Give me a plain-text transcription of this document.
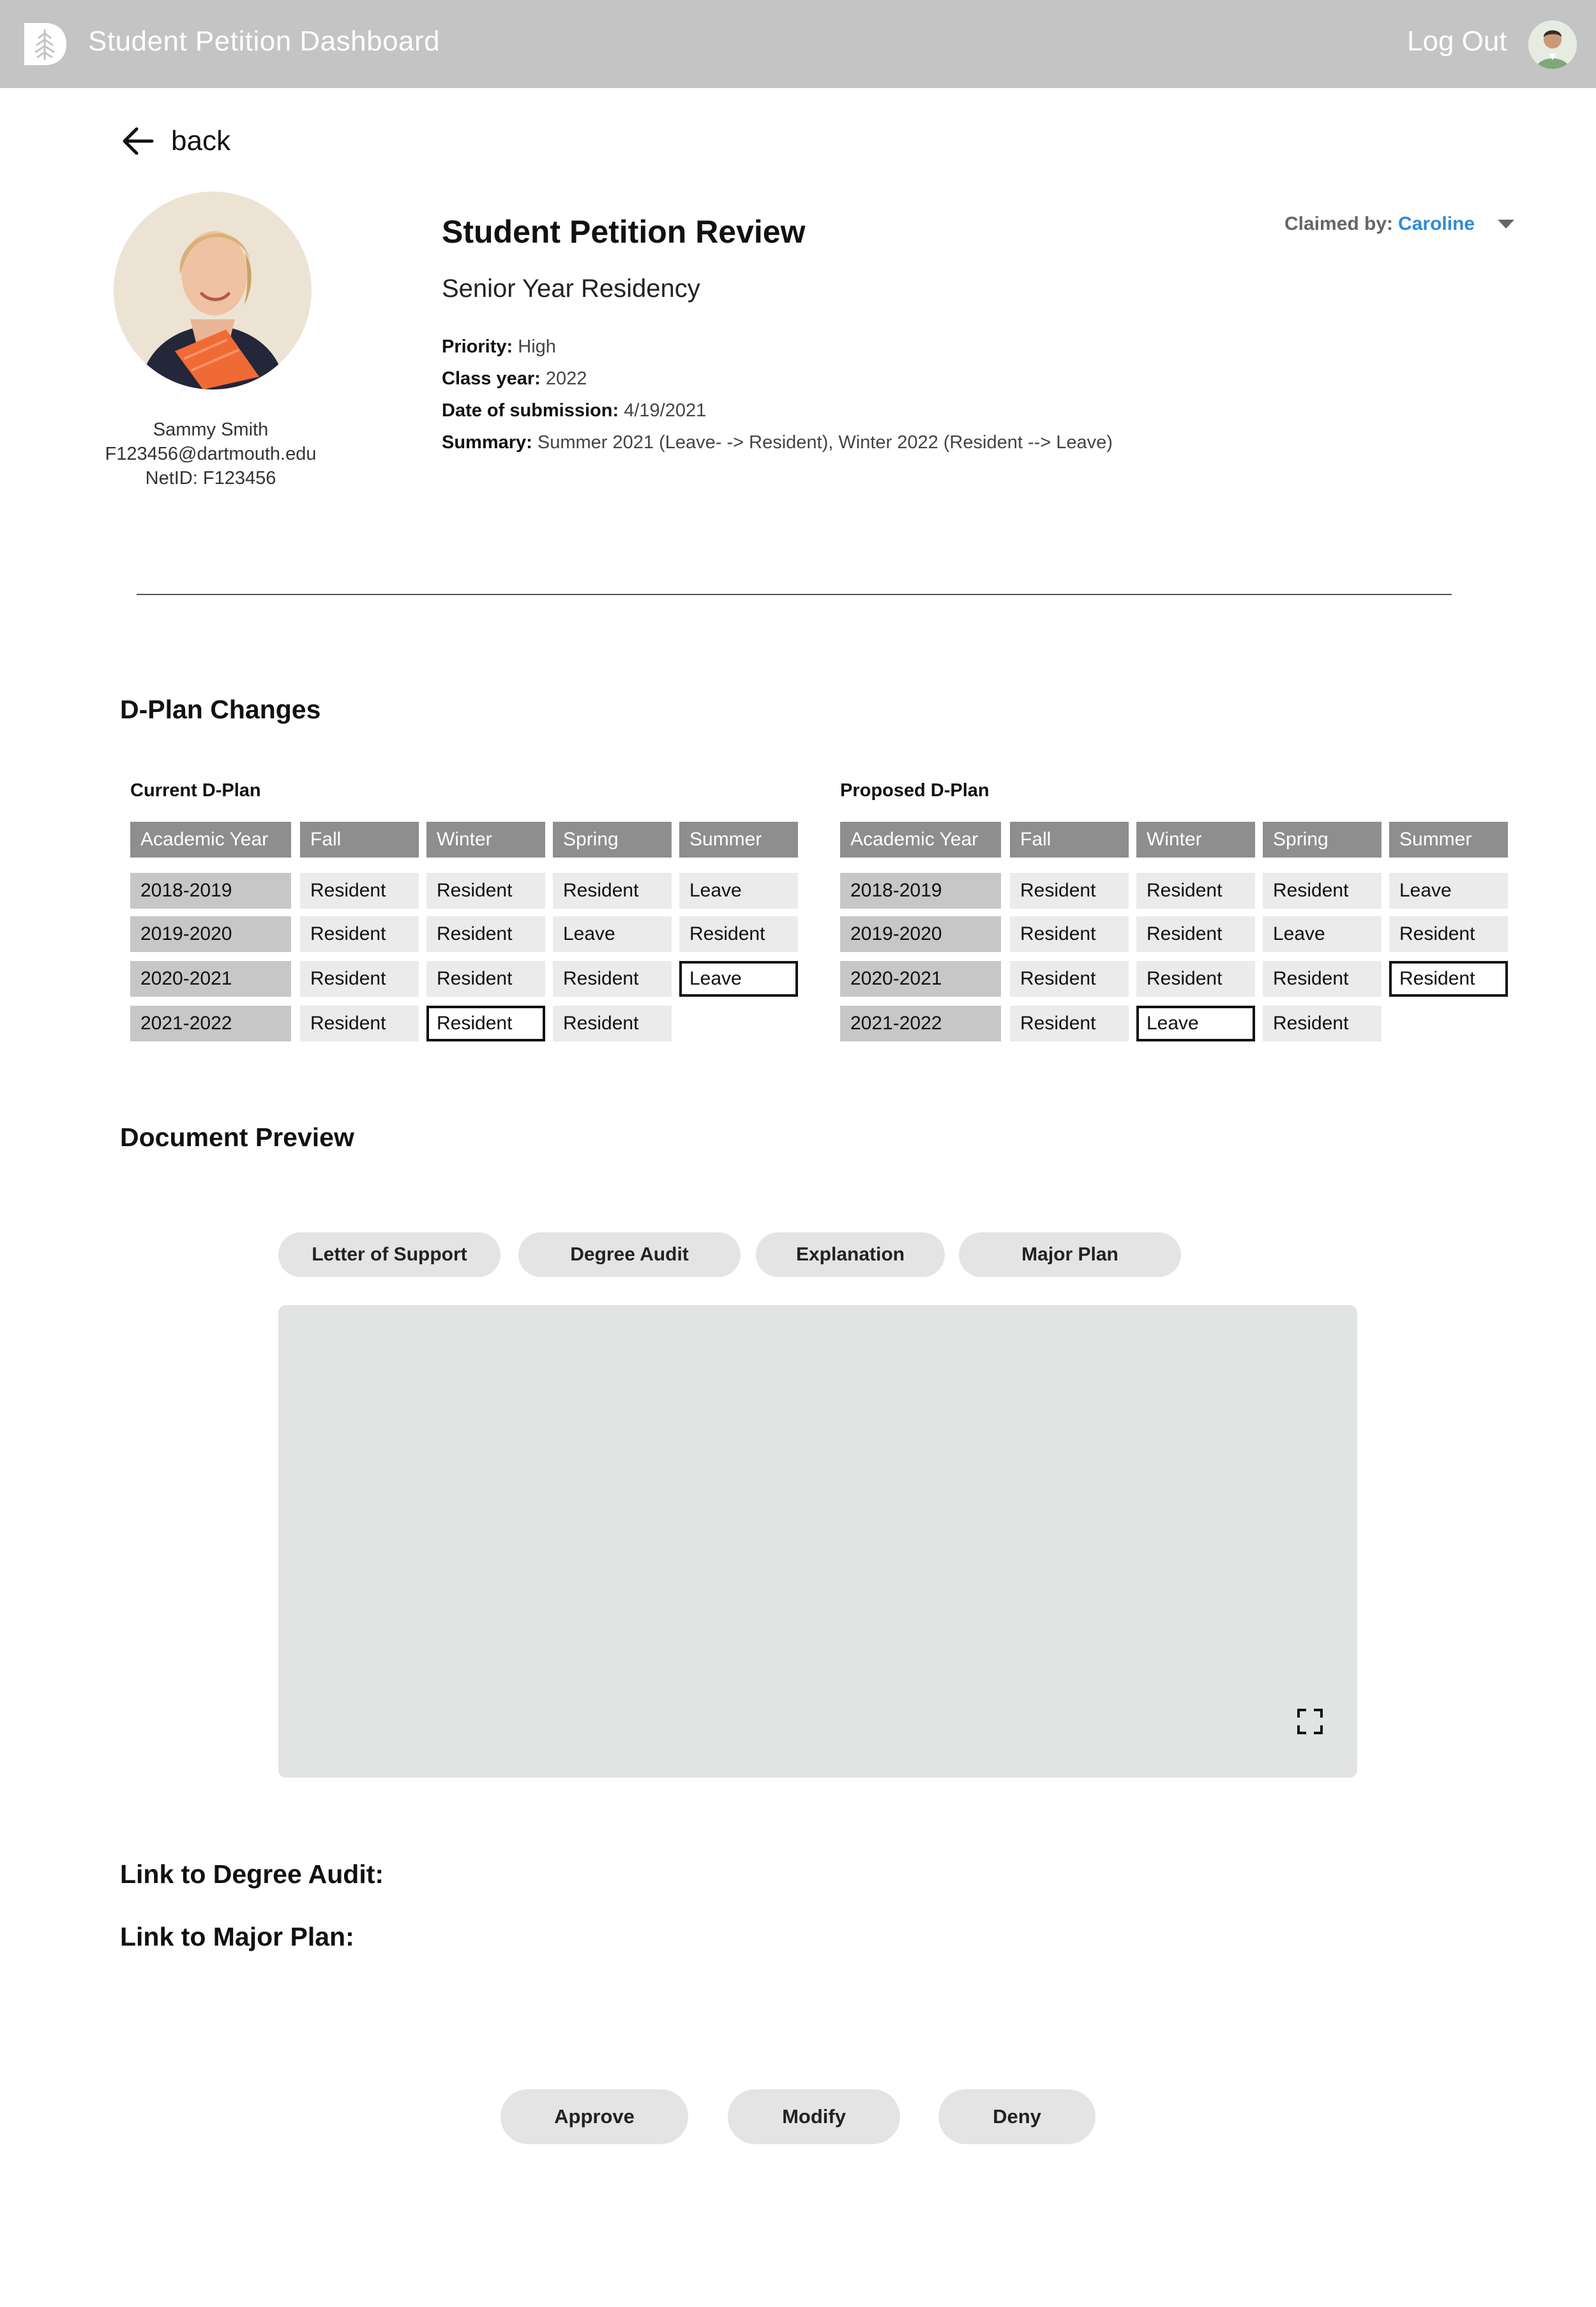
Student Petition Dashboard	Log Out
back
Sammy Smith
F123456@dartmouth.edu
NetID: F123456
Student Petition Review
Senior Year Residency
Priority: High
Class year: 2022
Date of submission: 4/19/2021
Summary: Summer 2021 (Leave- -> Resident), Winter 2022 (Resident --> Leave)
Claimed by: Caroline
D-Plan Changes
Current D-Plan
Academic Year	Fall	Winter	Spring	Summer
2018-2019	Resident	Resident	Resident	Leave
2019-2020	Resident	Resident	Leave	Resident
2020-2021	Resident	Resident	Resident	Leave
2021-2022	Resident	Resident	Resident
Proposed D-Plan
Academic Year	Fall	Winter	Spring	Summer
2018-2019	Resident	Resident	Resident	Leave
2019-2020	Resident	Resident	Leave	Resident
2020-2021	Resident	Resident	Resident	Resident
2021-2022	Resident	Leave	Resident
Document Preview
Letter of Support	Degree Audit	Explanation	Major Plan
Link to Degree Audit:
Link to Major Plan:
Approve	Modify	Deny
